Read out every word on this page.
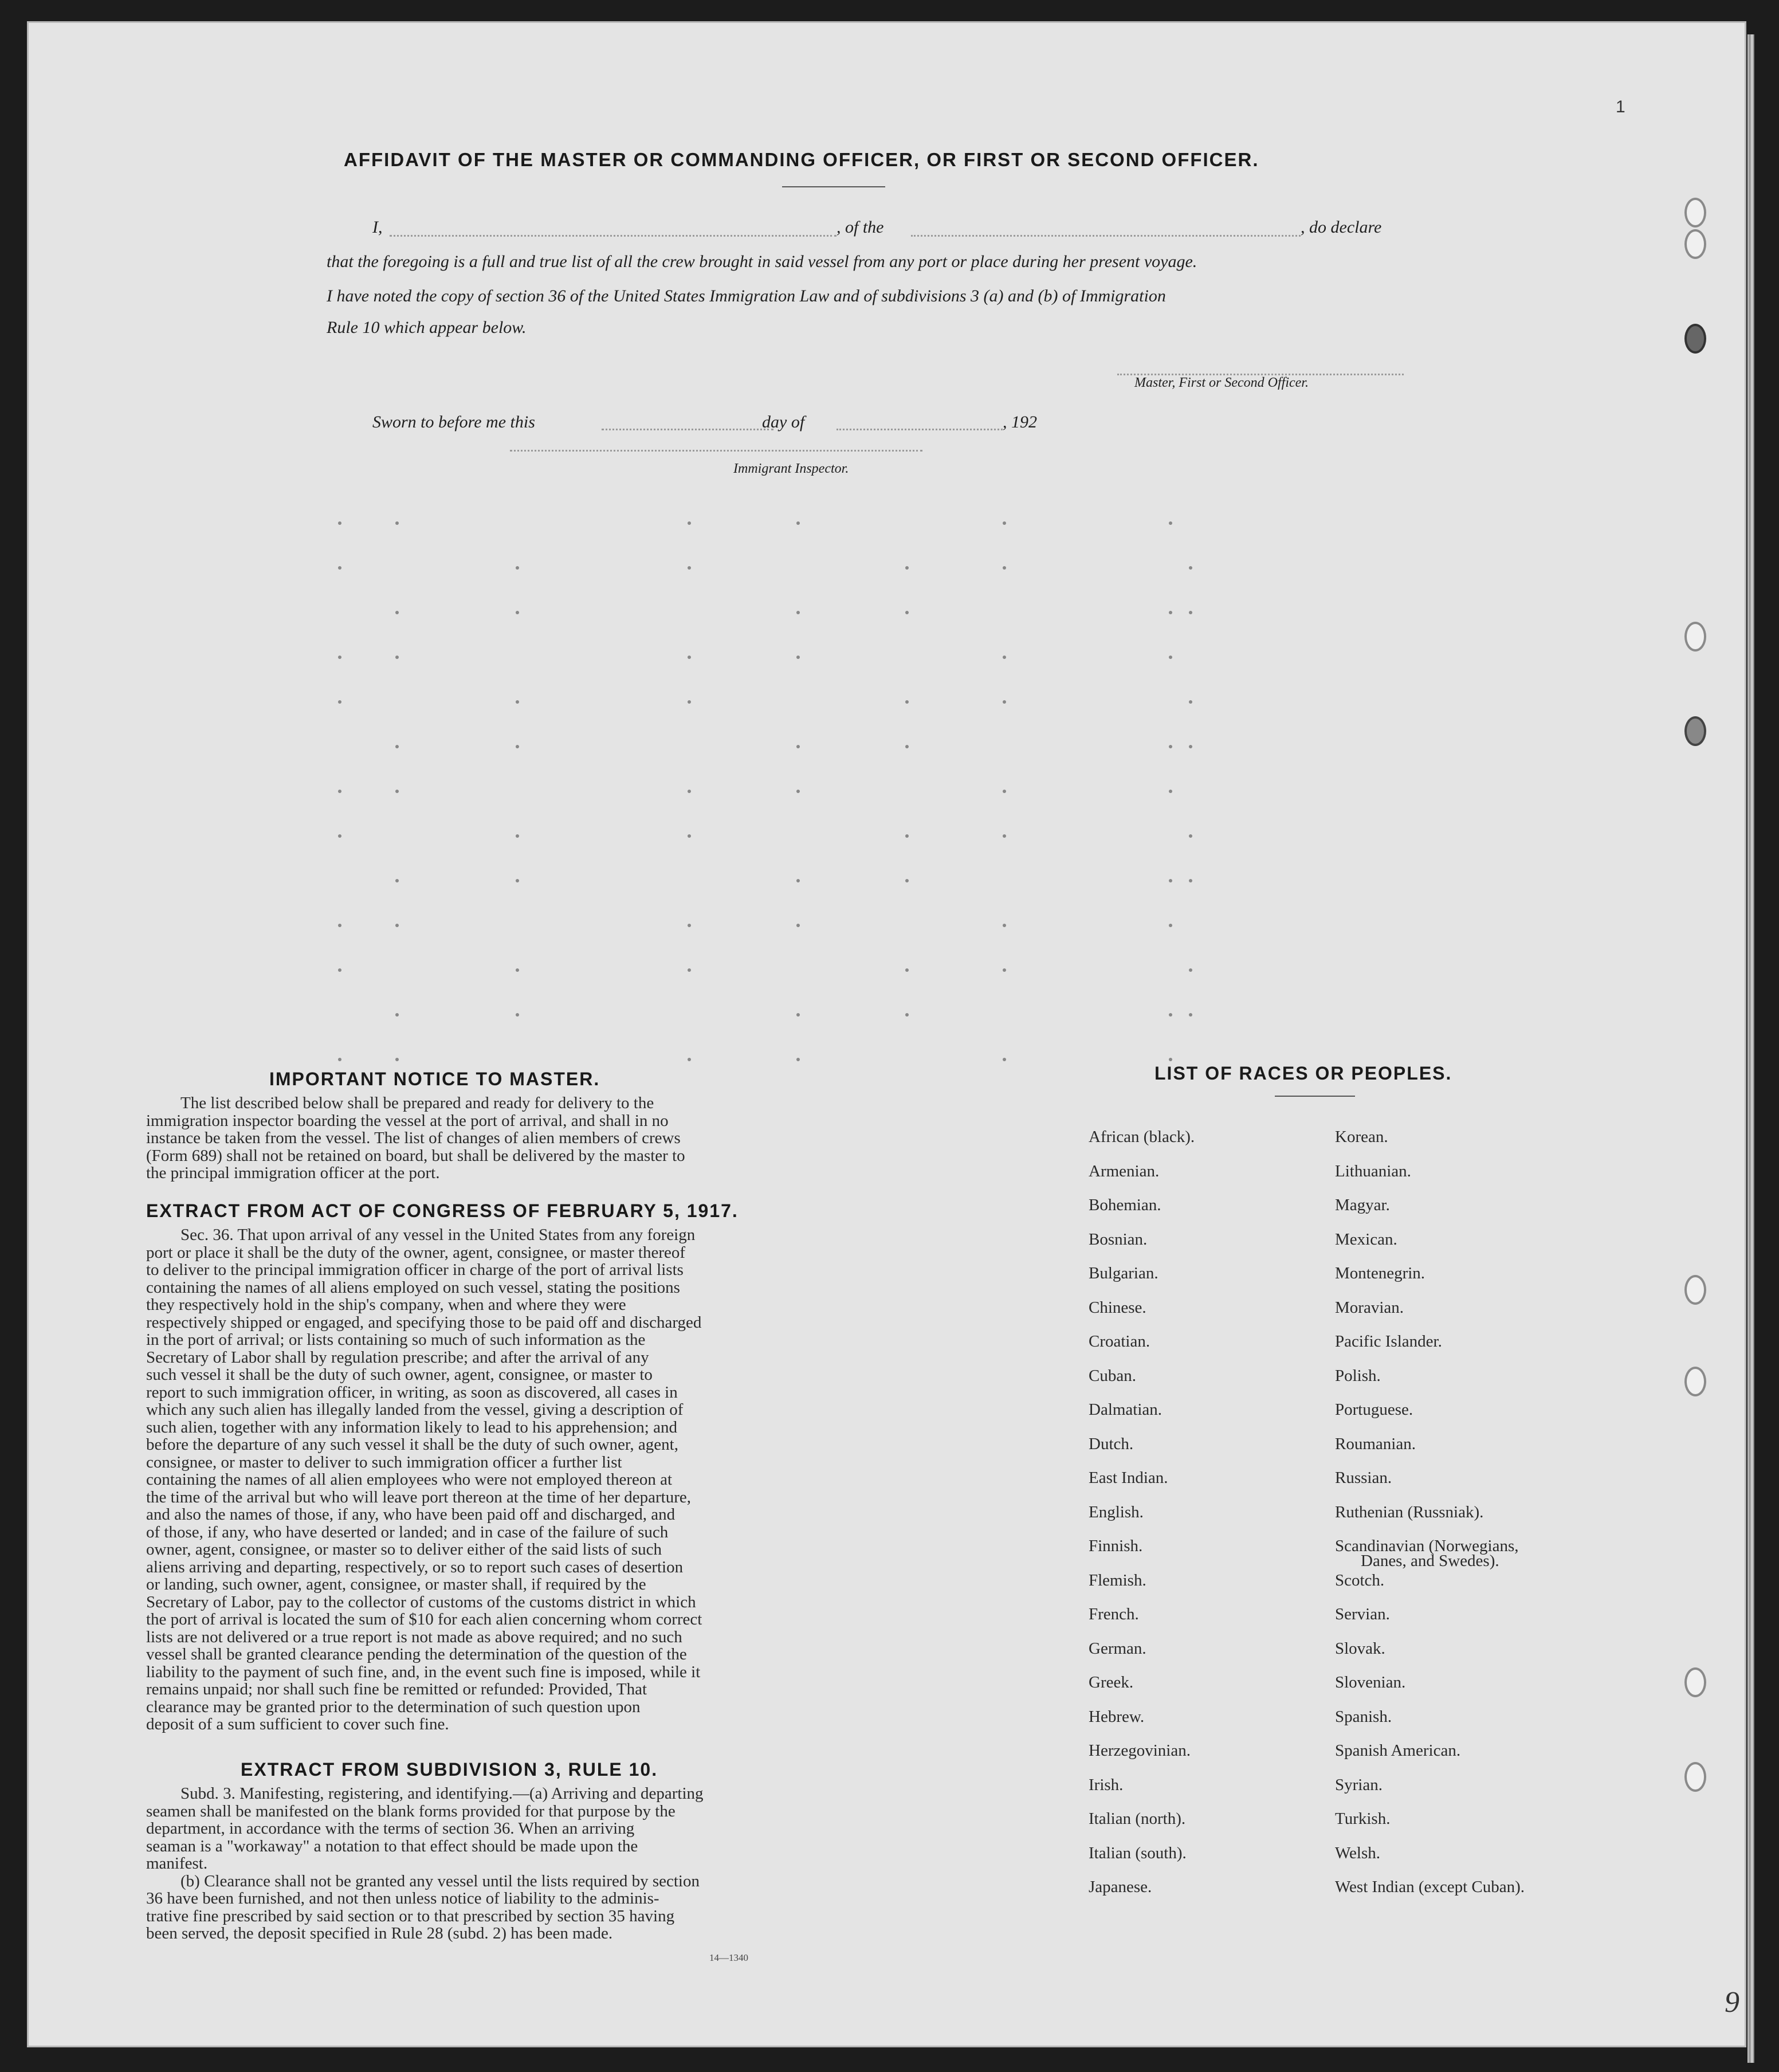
1
9
AFFIDAVIT OF THE MASTER OR COMMANDING OFFICER, OR FIRST OR SECOND OFFICER.
I,	, of the	, do declare
that the foregoing is a full and true list of all the crew brought in said vessel from any port or place during her present voyage.
I have noted the copy of section 36 of the United States Immigration Law and of subdivisions 3 (a) and (b) of Immigration
Rule 10 which appear below.
Master, First or Second Officer.
Sworn to before me this	day of	, 192
Immigrant Inspector.
IMPORTANT NOTICE TO MASTER.
The list described below shall be prepared and ready for delivery to the
immigration inspector boarding the vessel at the port of arrival, and shall in no
instance be taken from the vessel. The list of changes of alien members of crews
(Form 689) shall not be retained on board, but shall be delivered by the master to
the principal immigration officer at the port.
EXTRACT FROM ACT OF CONGRESS OF FEBRUARY 5, 1917.
Sec. 36. That upon arrival of any vessel in the United States from any foreign
port or place it shall be the duty of the owner, agent, consignee, or master thereof
to deliver to the principal immigration officer in charge of the port of arrival lists
containing the names of all aliens employed on such vessel, stating the positions
they respectively hold in the ship's company, when and where they were
respectively shipped or engaged, and specifying those to be paid off and discharged
in the port of arrival; or lists containing so much of such information as the
Secretary of Labor shall by regulation prescribe; and after the arrival of any
such vessel it shall be the duty of such owner, agent, consignee, or master to
report to such immigration officer, in writing, as soon as discovered, all cases in
which any such alien has illegally landed from the vessel, giving a description of
such alien, together with any information likely to lead to his apprehension; and
before the departure of any such vessel it shall be the duty of such owner, agent,
consignee, or master to deliver to such immigration officer a further list
containing the names of all alien employees who were not employed thereon at
the time of the arrival but who will leave port thereon at the time of her departure,
and also the names of those, if any, who have been paid off and discharged, and
of those, if any, who have deserted or landed; and in case of the failure of such
owner, agent, consignee, or master so to deliver either of the said lists of such
aliens arriving and departing, respectively, or so to report such cases of desertion
or landing, such owner, agent, consignee, or master shall, if required by the
Secretary of Labor, pay to the collector of customs of the customs district in which
the port of arrival is located the sum of $10 for each alien concerning whom correct
lists are not delivered or a true report is not made as above required; and no such
vessel shall be granted clearance pending the determination of the question of the
liability to the payment of such fine, and, in the event such fine is imposed, while it
remains unpaid; nor shall such fine be remitted or refunded: Provided, That
clearance may be granted prior to the determination of such question upon
deposit of a sum sufficient to cover such fine.
EXTRACT FROM SUBDIVISION 3, RULE 10.
Subd. 3. Manifesting, registering, and identifying.—(a) Arriving and departing
seamen shall be manifested on the blank forms provided for that purpose by the
department, in accordance with the terms of section 36. When an arriving
seaman is a "workaway" a notation to that effect should be made upon the
manifest.
(b) Clearance shall not be granted any vessel until the lists required by section
36 have been furnished, and not then unless notice of liability to the adminis-
trative fine prescribed by said section or to that prescribed by section 35 having
been served, the deposit specified in Rule 28 (subd. 2) has been made.
14—1340
LIST OF RACES OR PEOPLES.
African (black).
Armenian.
Bohemian.
Bosnian.
Bulgarian.
Chinese.
Croatian.
Cuban.
Dalmatian.
Dutch.
East Indian.
English.
Finnish.
Flemish.
French.
German.
Greek.
Hebrew.
Herzegovinian.
Irish.
Italian (north).
Italian (south).
Japanese.
Korean.
Lithuanian.
Magyar.
Mexican.
Montenegrin.
Moravian.
Pacific Islander.
Polish.
Portuguese.
Roumanian.
Russian.
Ruthenian (Russniak).
Scandinavian (Norwegians,
Danes, and Swedes).
Scotch.
Servian.
Slovak.
Slovenian.
Spanish.
Spanish American.
Syrian.
Turkish.
Welsh.
West Indian (except Cuban).
